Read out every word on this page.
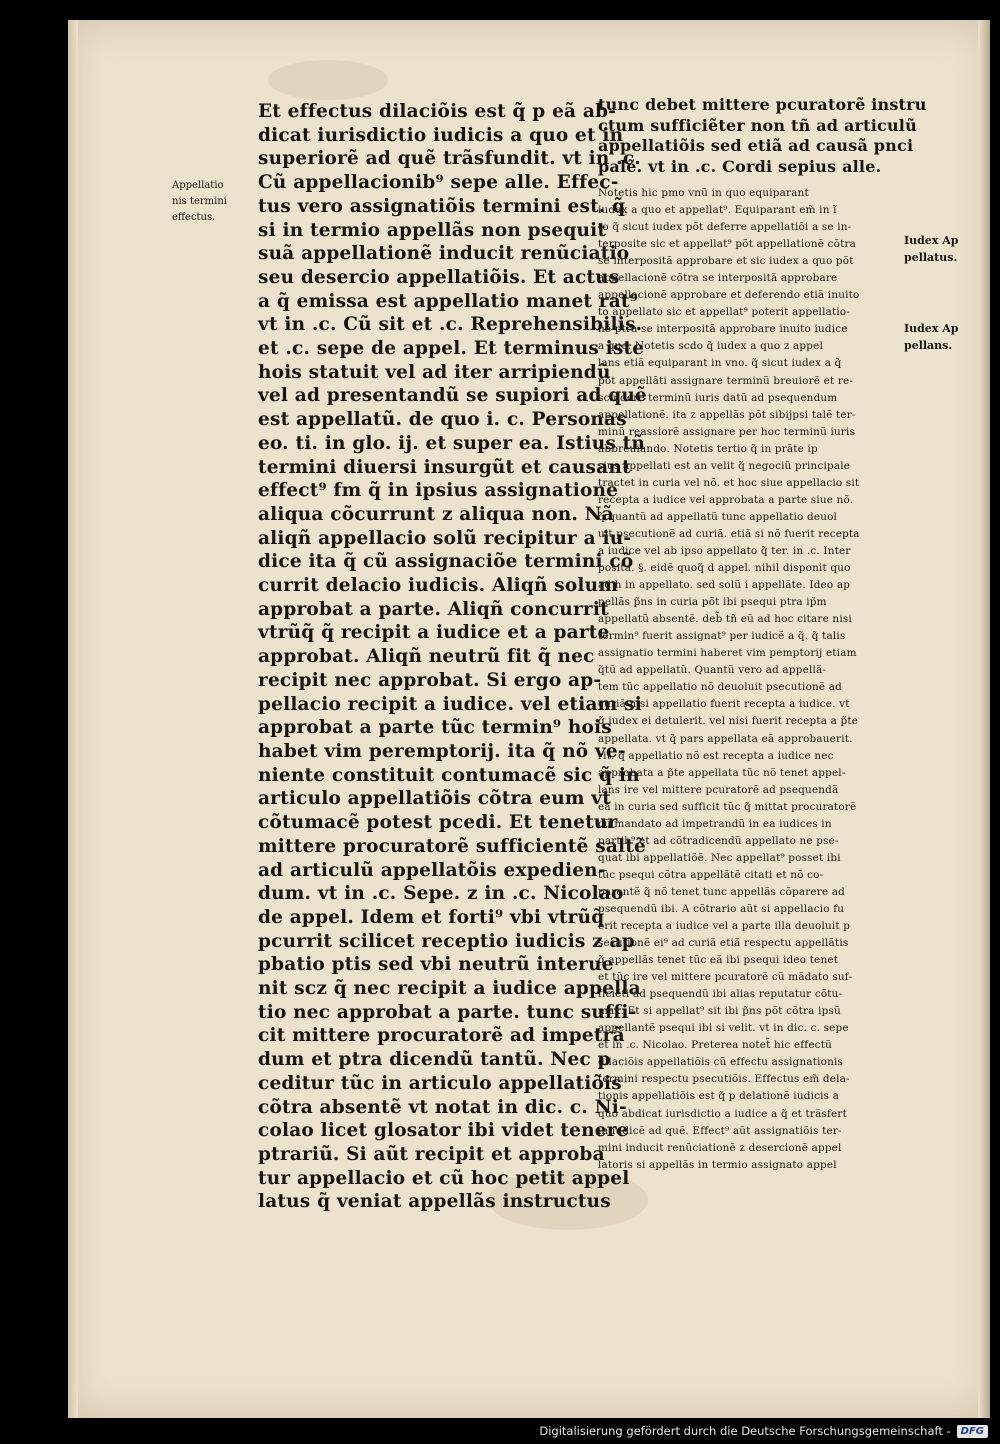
Appellatio
nis termini
effectus.
Et effectus dilaciõis est q̃ p eã ab‐
dicat iurisdictio iudicis a quo et in
superiorẽ ad quẽ trãsfundit. vt in .c.
Cũ appellacionib⁹ sepe alle. Effec‐
tus vero assignatiõis termini est. q̃
si in termio appellãs non psequit
suã appellationẽ inducit renũciatio
seu desercio appellatiõis. Et actus
a q̃ emissa est appellatio manet rat⁹
vt in .c. Cũ sit et .c. Reprehensibilis.
et .c. sepe de appel. Et terminus iste
hois statuit vel ad iter arripiendũ
vel ad presentandũ se supiori ad quẽ
est appellatũ. de quo i. c. Personas
eo. ti. in glo. ij. et super ea. Istius tñ
termini diuersi insurgũt et causant
effect⁹ fm q̃ in ipsius assignatione
aliqua cõcurrunt z aliqua non. Nã
aliqñ appellacio solũ recipitur a iu‐
dice ita q̃ cũ assignaciõe termini cõ
currit delacio iudicis. Aliqñ solum
approbat a parte. Aliqñ concurrit
vtrũq̃ q̃ recipit a iudice et a parte
approbat. Aliqñ neutrũ fit q̃ nec
recipit nec approbat. Si ergo ap‐
pellacio recipit a iudice. vel etiam si
approbat a parte tũc termin⁹ hois
habet vim peremptorij. ita q̃ nõ ve‐
niente constituit contumacẽ sic q̃ in
articulo appellatiõis cõtra eum vt
cõtumacẽ potest pcedi. Et tenetur
mittere procuratorẽ sufficientẽ saltẽ
ad articulũ appellatõis expedien‐
dum. vt in .c. Sepe. z in .c. Nicolao
de appel. Idem et forti⁹ vbi vtrũq̃
pcurrit scilicet receptio iudicis z ap
pbatio ptis sed vbi neutrũ interue
nit scz q̃ nec recipit a iudice appella
tio nec approbat a parte. tunc suffi‐
cit mittere procuratorẽ ad impetrã
dum et ptra dicendũ tantũ. Nec p
ceditur tũc in articulo appellatiõis
cõtra absentẽ vt notat in dic. c. Ni‐
colao licet glosator ibi videt tenere
ptrariũ. Si aũt recipit et approba
tur appellacio et cũ hoc petit appel
latus q̃ veniat appellãs instructus
tunc debet mittere pcuratorẽ instru
ctum sufficiẽter non tñ ad articulũ
appellatiõis sed etiã ad causã pnci
palẽ. vt in .c. Cordi sepius alle.
Notetis hic pmo vnũ in quo equiparant
iudex a quo et appellat⁹. Equiparant em̃ in ĩ
to q̃ sicut iudex põt deferre appellatiõi a se in‐
terposite sic et appellat⁹ põt appellationẽ cõtra
se interpositã approbare et sic iudex a quo põt
appellacionẽ cõtra se interpositã approbare
appellacionẽ approbare et deferendo etiã inuito
to appellato sic et appellat⁹ poterit appellatio‐
nẽ ptra se interpositã approbare inuito iudice
a quo. Notetis scdo q̃ iudex a quo z appel
lans etiã equiparant in vno. q̃ sicut iudex a q̃
põt appellãti assignare terminũ breuiorẽ et re‐
scindere terminũ iuris datũ ad psequendum
appellationẽ. ita z appellãs põt sibijpsi talẽ ter‐
minũ reassiorẽ assignare per hoc terminũ iuris
abbreuiando. Notetis tertio q̃ in prãte ip
sius appellati est an velit q̃ negociũ principale
tractet in curia vel nõ. et hoc siue appellacio sit
recepta a iudice vel approbata a parte siue nõ.
q̃ quantũ ad appellatũ tunc appellatio deuol
uit psecutionẽ ad curiã. etiã si nõ fuerit recepta
a iudice vel ab ipso appellato q̃ ter. in .c. Inter
posita. §. eidẽ quoq̃ d appel. nihil disponit quo
ad h in appellato. sed solũ i appellãte. Ideo ap
pellãs p̃ns in curia põt ibi psequi ptra ip̃m
appellatũ absentẽ. deb̃ tñ eũ ad hoc citare nisi
termin⁹ fuerit assignat⁹ per iudicẽ a q̃. q̃ talis
assignatio termini haberet vim pemptorij etiam
q̃tũ ad appellatũ. Quantũ vero ad appellã‐
tem tũc appellatio nõ deuoluit psecutionẽ ad
curiã nisi appellatio fuerit recepta a iudice. vt
q̃ iudex ei detulerit. vel nisi fuerit recepta a p̃te
appellata. vt q̃ pars appellata eã approbauerit.
rit. q̃ appellatio nõ est recepta a iudice nec
approbata a p̃te appellata tũc nõ tenet appel‐
lans ire vel mittere pcuratorẽ ad psequendã
eã in curia sed sufficit tũc q̃ mittat procuratorẽ
cũ mandato ad impetrandũ in ea iudices in
partib⁹ et ad cõtradicendũ appellato ne pse‐
quat ibi appellatiõẽ. Nec appellat⁹ posset ibi
tũc psequi cõtra appellãtẽ citati et nõ co‐
parentẽ q̃ nõ tenet tunc appellãs cõparere ad
psequendũ ibi. A cõtrario aũt si appellacio fu
erit recepta a iudice vel a parte illa deuoluit p
secutionẽ ei⁹ ad curiã etiã respectu appellãtis
q̃ appellãs tenet tũc eã ibi psequi ideo tenet
et tũc ire vel mittere pcuratorẽ cũ mãdato suf‐
ficiẽti ad psequendũ ibi alias reputatur cõtu‐
max. Et si appellat⁹ sit ibi p̃ns põt cõtra ipsũ
appellantẽ psequi ibi si velit. vt in dic. c. sepe
et in .c. Nicolao. Preterea notet̃ hic effectũ
dilaciõis appellatiõis cũ effectu assignationis
termini respectu psecutiõis. Effectus em̃ dela‐
tionis appellatiõis est q̃ p delationẽ iudicis a
quo abdicat iurisdictio a iudice a q̃ et trãsfert
in iudicẽ ad quẽ. Effect⁹ aũt assignatiõis ter‐
mini inducit renũciationẽ z desercionẽ appel
latoris si appellãs in termio assignato appel
Iudex Ap
pellatus.
Iudex Ap
pellans.
Digitalisierung gefördert durch die Deutsche Forschungsgemeinschaft -	DFG
